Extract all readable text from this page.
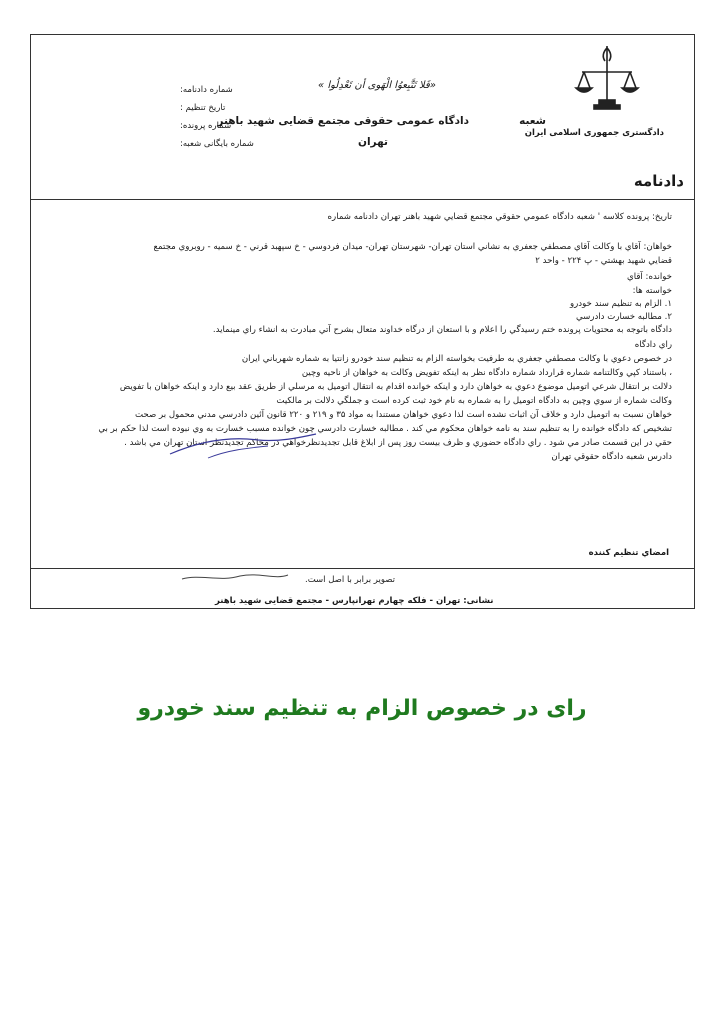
دادگستری جمهوری اسلامی ایران
«فَلا تَتَّبِعوُا الْهَوی أن تَعْدِلُوا »
شعبه
دادگاه عمومی حقوقی مجتمع قضایی شهید باهنر
تهران
شماره دادنامه:
تاریخ تنظیم :
شماره پرونده:
شماره بایگانی شعبه:
دادنامه
تاریخ: پرونده کلاسه ' شعبه دادگاه عمومي حقوقي مجتمع قضايي شهيد باهنر تهران دادنامه شماره
خواهان: آقاي با وکالت آقاي مصطفي جعفري به نشاني استان تهران- شهرستان تهران- ميدان فردوسي - خ سپهبد قرني - خ سميه - روبروي مجتمع
قضايي شهيد بهشتي - پ ۲۲۴ - واحد ۲
خوانده: آقاي
خواسته ها:
۱. الزام به تنظيم سند خودرو
۲. مطالبه خسارت دادرسي
دادگاه باتوجه به محتويات پرونده ختم رسيدگي را اعلام و با استعان از درگاه خداوند متعال بشرح آتي مبادرت به انشاء راي مينمايد.
راي دادگاه
در خصوص دعوي با وکالت مصطفي جعفري به طرفيت بخواسته الزام به تنظيم سند خودرو زانتيا به شماره شهرباني ايران
، باستناد کپي وکالتنامه شماره قرارداد شماره دادگاه نظر به اينکه تفويض وکالت به خواهان از ناحيه وچين
دلالت بر انتقال شرعي اتوميل موضوع دعوي به خواهان دارد و اينکه خوانده اقدام به انتقال اتوميل به مرسلي از طريق عقد بيع دارد و اينکه خواهان با تفويض
وکالت شماره از سوي وچين به دادگاه اتوميل را به شماره به نام خود ثبت کرده است و جملگي دلالت بر مالکيت
خواهان نسبت به اتوميل دارد و خلاف آن اثبات نشده است لذا دعوي خواهان مستندا به مواد ۳۵ و ۲۱۹ و ۲۲۰ قانون آئين دادرسي مدني محمول بر صحت
تشخيص که دادگاه خوانده را به تنظيم سند به نامه خواهان محکوم مي کند . مطالبه خسارت دادرسي چون خوانده مسبب خسارت به وي نبوده است لذا حکم بر بي
حقي در اين قسمت صادر مي شود . راي دادگاه حضوري و ظرف بيست روز پس از ابلاغ قابل تجديدنظرخواهي در محاکم تجديدنظر استان تهران مي باشد .
دادرس شعبه دادگاه حقوقي تهران
امضاي تنظيم کننده
تصوير برابر با اصل است.
نشانی: تهران - فلکه چهارم تهرانپارس - مجتمع قضایی شهید باهنر
رای در خصوص الزام به تنظیم سند خودرو
